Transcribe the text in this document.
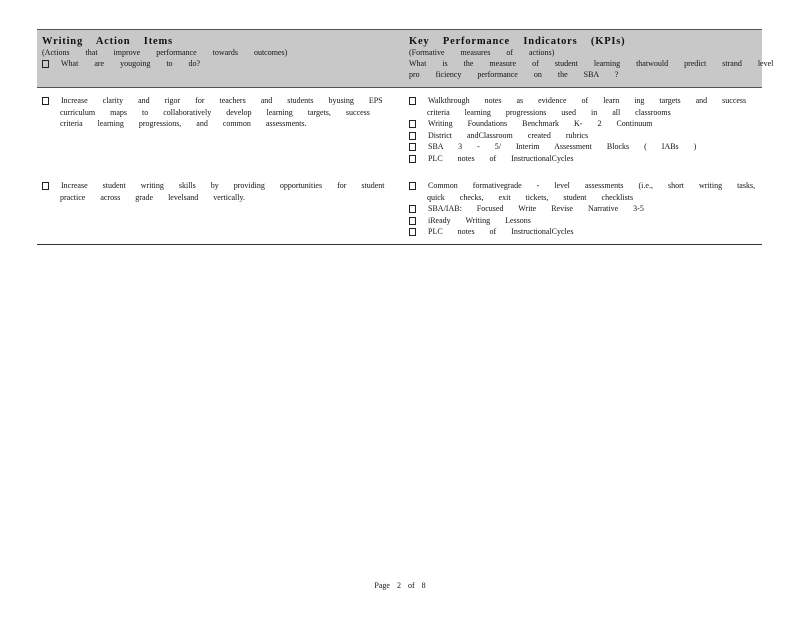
Writing Action Items
(Actions that improve performance towards outcomes)
What are yougoing to do?
Key Performance Indicators (KPIs)
(Formative measures of actions)
What is the measure of student learning thatwould predict strand level
pro ficiency performance on the SBA ?
Increase clarity and rigor for teachers and students byusing EPS
curriculum maps to collaboratively develop learning targets, success
criteria learning progressions, and common assessments.
Walkthrough notes as evidence of learn ing targets and success
criteria learning progressions used in all classrooms
Writing Foundations Benchmark K- 2 Continuum
District andClassroom created rubrics
SBA 3 - 5/ Interim Assessment Blocks ( IABs )
PLC notes of InstructionalCycles
Increase student writing skills by providing opportunities for student
practice across grade levelsand vertically.
Common formativegrade - level assessments (i.e., short writing tasks,
quick checks, exit tickets, student checklists
SBA/IAB: Focused Write Revise Narrative 3-5
iReady Writing Lessons
PLC notes of InstructionalCycles
Page 2 of 8
